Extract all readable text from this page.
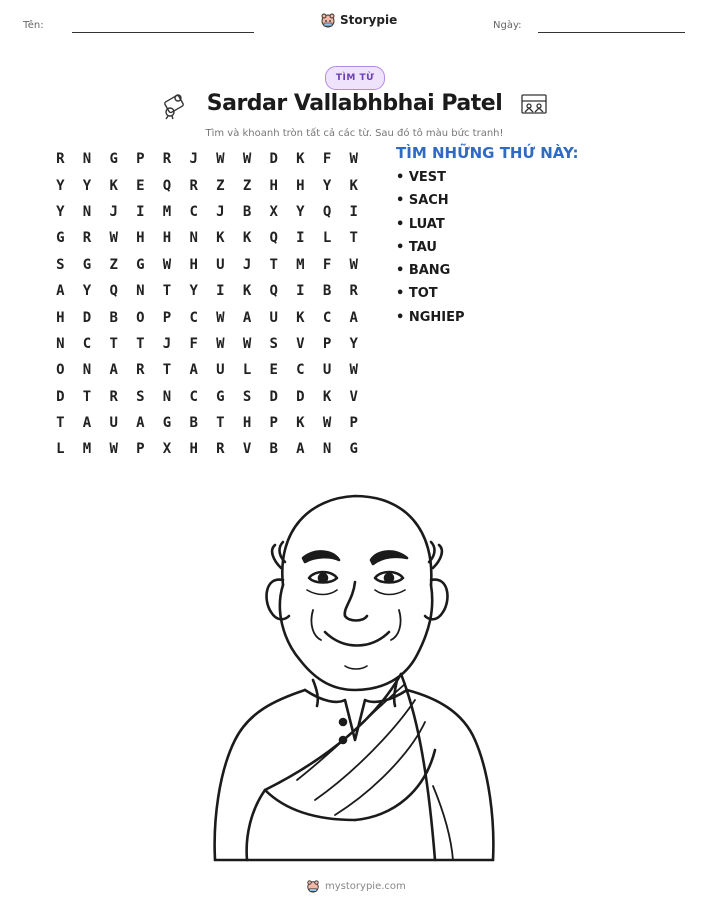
Tên:	Storypie	Ngày:
TÌM TỪ
Sardar Vallabhbhai Patel
Tìm và khoanh tròn tất cả các từ. Sau đó tô màu bức tranh!
R	N	G	P	R	J	W	W	D	K	F	W
Y	Y	K	E	Q	R	Z	Z	H	H	Y	K
Y	N	J	I	M	C	J	B	X	Y	Q	I
G	R	W	H	H	N	K	K	Q	I	L	T
S	G	Z	G	W	H	U	J	T	M	F	W
A	Y	Q	N	T	Y	I	K	Q	I	B	R
H	D	B	O	P	C	W	A	U	K	C	A
N	C	T	T	J	F	W	W	S	V	P	Y
O	N	A	R	T	A	U	L	E	C	U	W
D	T	R	S	N	C	G	S	D	D	K	V
T	A	U	A	G	B	T	H	P	K	W	P
L	M	W	P	X	H	R	V	B	A	N	G
TÌM NHỮNG THỨ NÀY:
• VEST
• SACH
• LUAT
• TAU
• BANG
• TOT
• NGHIEP
mystorypie.com
